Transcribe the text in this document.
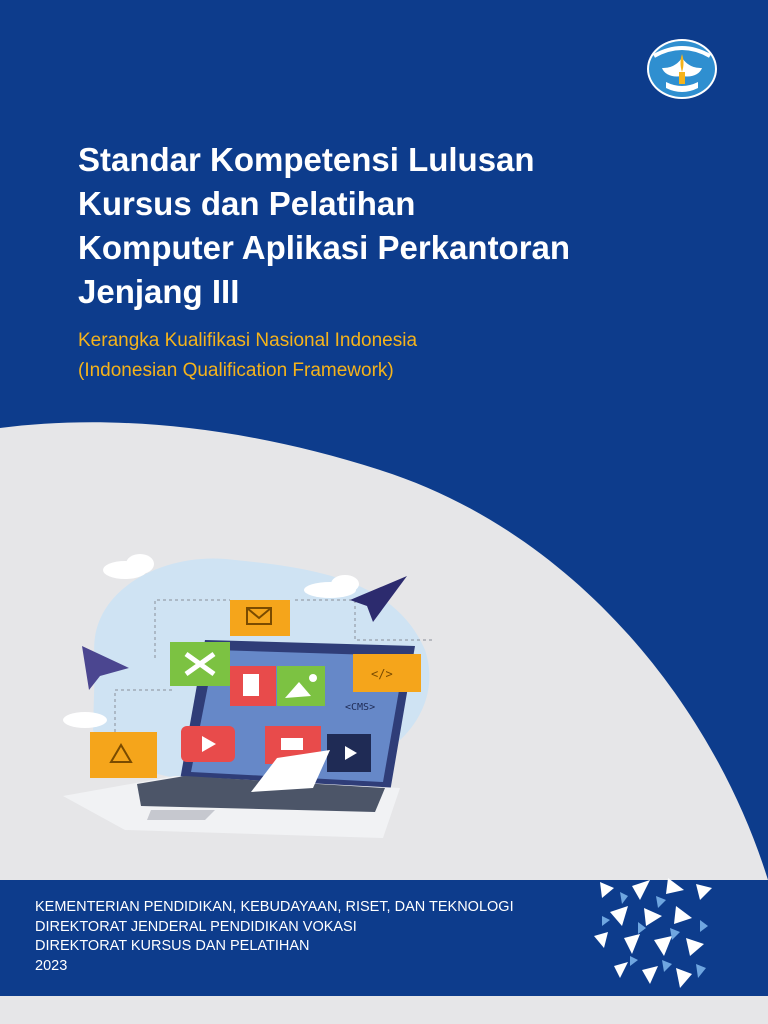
Standar Kompetensi Lulusan
Kursus dan Pelatihan
Komputer Aplikasi Perkantoran
Jenjang III
Kerangka Kualifikasi Nasional Indonesia
(Indonesian Qualification Framework)
<CMS>
</>
KEMENTERIAN PENDIDIKAN, KEBUDAYAAN, RISET, DAN TEKNOLOGI
DIREKTORAT JENDERAL PENDIDIKAN VOKASI
DIREKTORAT KURSUS DAN PELATIHAN
2023
